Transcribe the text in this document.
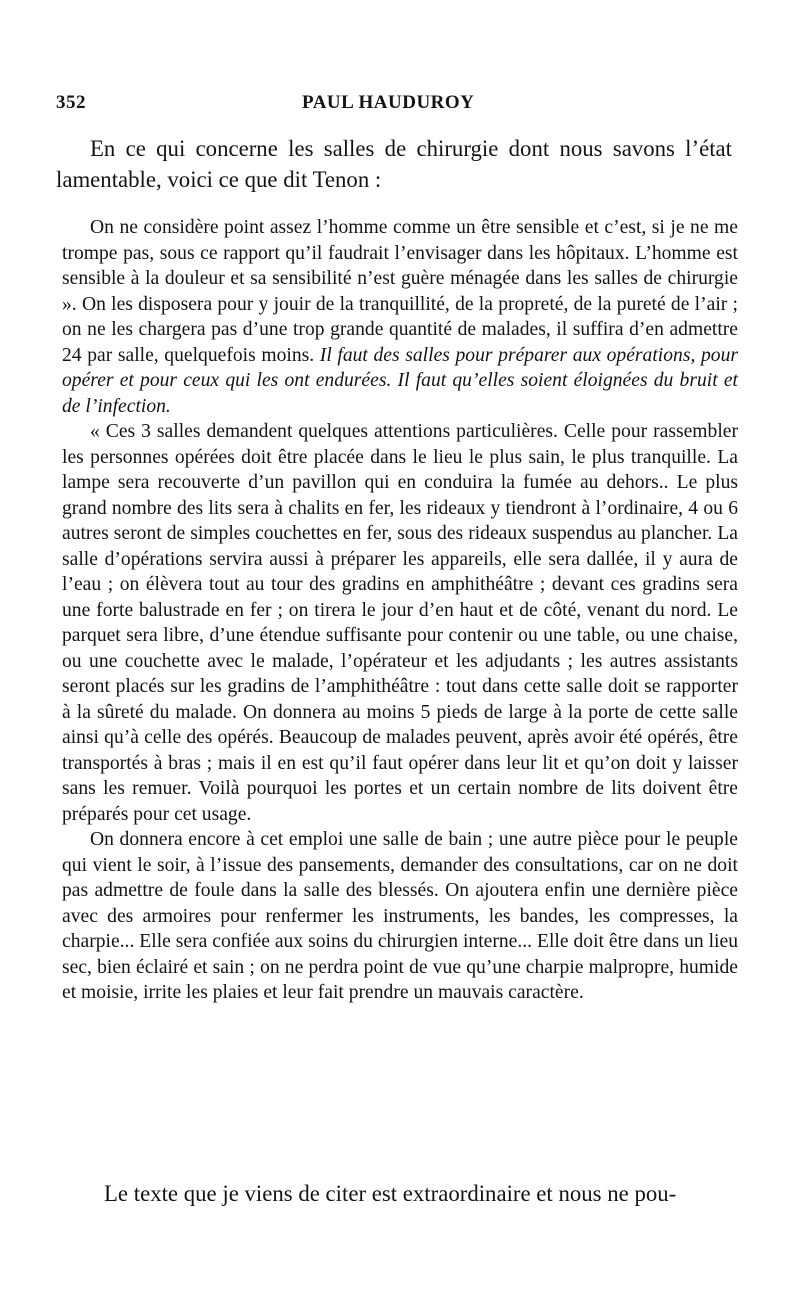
352	PAUL HAUDUROY

En ce qui concerne les salles de chirurgie dont nous savons l’état lamentable, voici ce que dit Tenon :

On ne considère point assez l’homme comme un être sensible et c’est, si je ne me trompe pas, sous ce rapport qu’il faudrait l’envisager dans les hôpitaux. L’homme est sensible à la douleur et sa sensibilité n’est guère ménagée dans les salles de chirurgie ». On les disposera pour y jouir de la tranquillité, de la propreté, de la pureté de l’air ; on ne les chargera pas d’une trop grande quantité de malades, il suffira d’en admettre 24 par salle, quelquefois moins. Il faut des salles pour préparer aux opérations, pour opérer et pour ceux qui les ont endurées. Il faut qu’elles soient éloignées du bruit et de l’infection.

« Ces 3 salles demandent quelques attentions particulières. Celle pour rassembler les personnes opérées doit être placée dans le lieu le plus sain, le plus tranquille. La lampe sera recouverte d’un pavillon qui en conduira la fumée au dehors.. Le plus grand nombre des lits sera à chalits en fer, les rideaux y tiendront à l’ordinaire, 4 ou 6 autres seront de simples couchettes en fer, sous des rideaux suspendus au plancher. La salle d’opérations servira aussi à préparer les appareils, elle sera dallée, il y aura de l’eau ; on élèvera tout au tour des gradins en amphithéâtre ; devant ces gradins sera une forte balustrade en fer ; on tirera le jour d’en haut et de côté, venant du nord. Le parquet sera libre, d’une étendue suffisante pour contenir ou une table, ou une chaise, ou une couchette avec le malade, l’opérateur et les adjudants ; les autres assistants seront placés sur les gradins de l’amphithéâtre : tout dans cette salle doit se rapporter à la sûreté du malade. On donnera au moins 5 pieds de large à la porte de cette salle ainsi qu’à celle des opérés. Beaucoup de malades peuvent, après avoir été opérés, être transportés à bras ; mais il en est qu’il faut opérer dans leur lit et qu’on doit y laisser sans les remuer. Voilà pourquoi les portes et un certain nombre de lits doivent être préparés pour cet usage.

On donnera encore à cet emploi une salle de bain ; une autre pièce pour le peuple qui vient le soir, à l’issue des pansements, demander des consultations, car on ne doit pas admettre de foule dans la salle des blessés. On ajoutera enfin une dernière pièce avec des armoires pour renfermer les instruments, les bandes, les compresses, la charpie... Elle sera confiée aux soins du chirurgien interne... Elle doit être dans un lieu sec, bien éclairé et sain ; on ne perdra point de vue qu’une charpie malpropre, humide et moisie, irrite les plaies et leur fait prendre un mauvais caractère.

Le texte que je viens de citer est extraordinaire et nous ne pou-
